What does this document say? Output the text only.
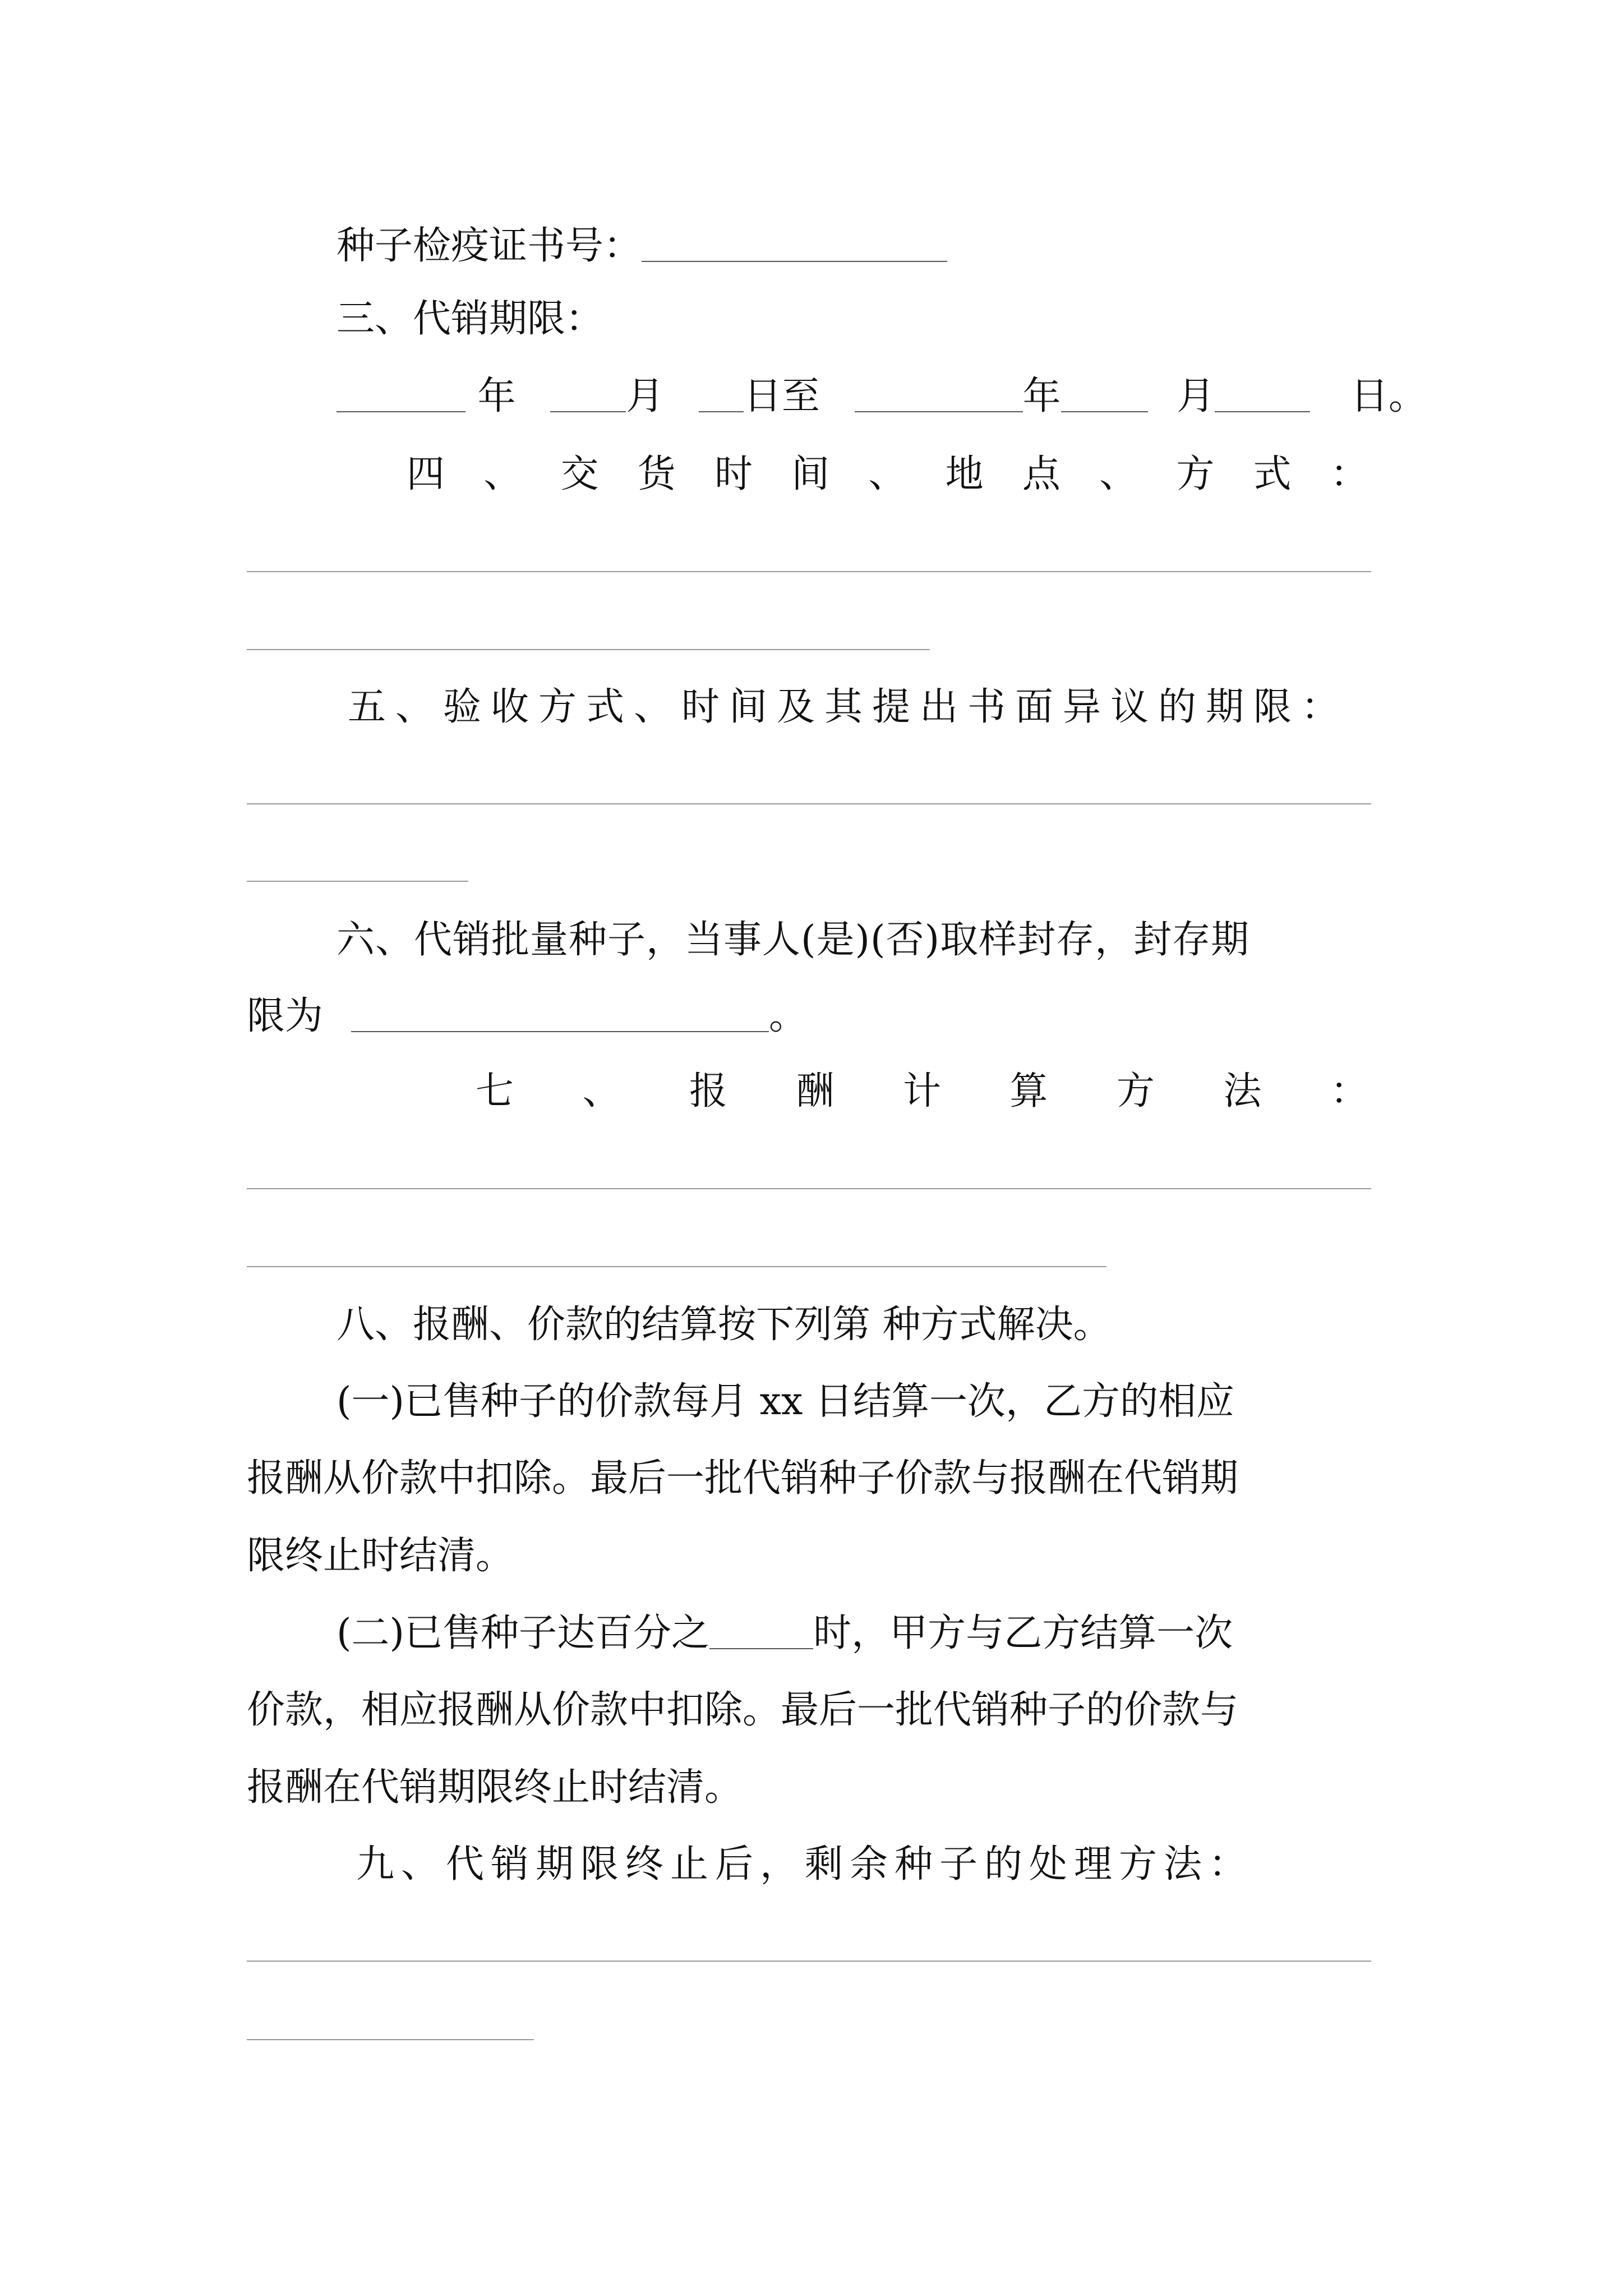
种子检疫证书号：
三、代销期限：
年	月 日至	年	月	日。
四 、 交 货 时 间 、 地 点 、 方 式 ：
五、验收方式、时间及其提出书面异议的期限：
六、代销批量种子，当事人(是)(否)取样封存，封存期
限为	。
七 、 报 酬 计 算 方 法 ：
八、报酬、价款的结算按下列第 种方式解决。
(一)已售种子的价款每月 xx 日结算一次，乙方的相应
报酬从价款中扣除。最后一批代销种子价款与报酬在代销期
限终止时结清。
(二)已售种子达百分之	时，甲方与乙方结算一次
价款，相应报酬从价款中扣除。最后一批代销种子的价款与
报酬在代销期限终止时结清。
九、代销期限终止后，剩余种子的处理方法：
